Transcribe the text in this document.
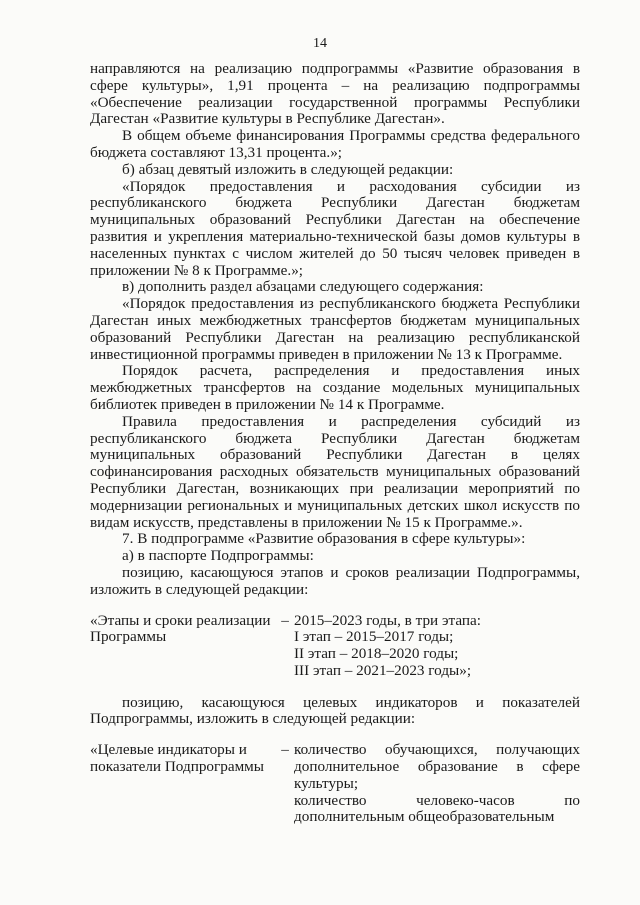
14

направляются на реализацию подпрограммы «Развитие образования в сфере культуры», 1,91 процента – на реализацию подпрограммы «Обеспечение реализации государственной программы Республики Дагестан «Развитие культуры в Республике Дагестан».

В общем объеме финансирования Программы средства федерального бюджета составляют 13,31 процента.»;

б) абзац девятый изложить в следующей редакции:

«Порядок предоставления и расходования субсидии из республиканского бюджета Республики Дагестан бюджетам муниципальных образований Республики Дагестан на обеспечение развития и укрепления материально-технической базы домов культуры в населенных пунктах с числом жителей до 50 тысяч человек приведен в приложении № 8 к Программе.»;

в) дополнить раздел абзацами следующего содержания:

«Порядок предоставления из республиканского бюджета Республики Дагестан иных межбюджетных трансфертов бюджетам муниципальных образований Республики Дагестан на реализацию республиканской инвестиционной программы приведен в приложении № 13 к Программе.

Порядок расчета, распределения и предоставления иных межбюджетных трансфертов на создание модельных муниципальных библиотек приведен в приложении № 14 к Программе.

Правила предоставления и распределения субсидий из республиканского бюджета Республики Дагестан бюджетам муниципальных образований Республики Дагестан в целях софинансирования расходных обязательств муниципальных образований Республики Дагестан, возникающих при реализации мероприятий по модернизации региональных и муниципальных детских школ искусств по видам искусств, представлены в приложении № 15 к Программе.».

7. В подпрограмме «Развитие образования в сфере культуры»:

а) в паспорте Подпрограммы:

позицию, касающуюся этапов и сроков реализации Подпрограммы, изложить в следующей редакции:

«Этапы и сроки реализации Программы
– 2015–2023 годы, в три этапа:
I этап – 2015–2017 годы;
II этап – 2018–2020 годы;
III этап – 2021–2023 годы»;

позицию, касающуюся целевых индикаторов и показателей Подпрограммы, изложить в следующей редакции:

«Целевые индикаторы и показатели Подпрограммы
– количество обучающихся, получающих дополнительное образование в сфере культуры;

количество человеко-часов по дополнительным общеобразовательным
